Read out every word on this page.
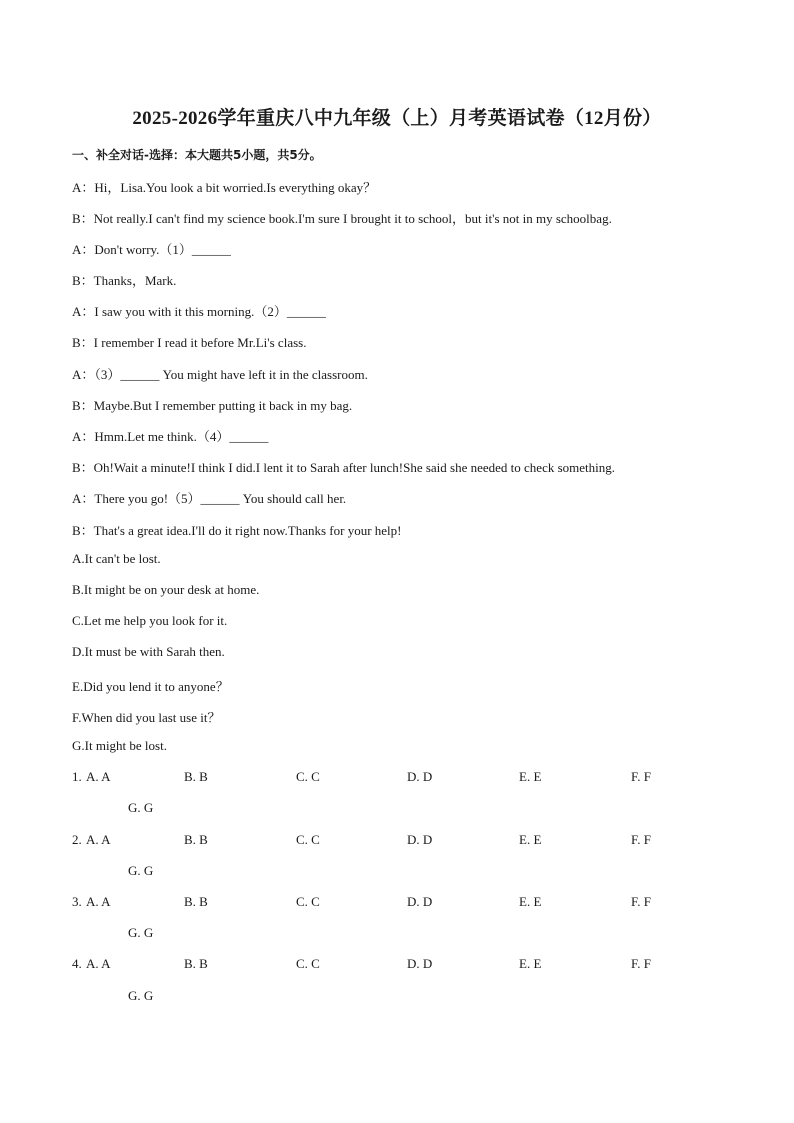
2025-2026学年重庆八中九年级（上）月考英语试卷（12月份）
一、补全对话-选择：本大题共5小题，共5分。
A：Hi，Lisa.You look a bit worried.Is everything okay？
B：Not really.I can't find my science book.I'm sure I brought it to school，but it's not in my schoolbag.
A：Don't worry.（1）______
B：Thanks，Mark.
A：I saw you with it this morning.（2）______
B：I remember I read it before Mr.Li's class.
A：（3）______ You might have left it in the classroom.
B：Maybe.But I remember putting it back in my bag.
A：Hmm.Let me think.（4）______
B：Oh!Wait a minute!I think I did.I lent it to Sarah after lunch!She said she needed to check something.
A：There you go!（5）______ You should call her.
B：That's a great idea.I'll do it right now.Thanks for your help!
A.It can't be lost.
B.It might be on your desk at home.
C.Let me help you look for it.
D.It must be with Sarah then.
E.Did you lend it to anyone？
F.When did you last use it？
G.It might be lost.
1. A. A	B. B	C. C	D. D	E. E	F. F
G. G
2. A. A	B. B	C. C	D. D	E. E	F. F
G. G
3. A. A	B. B	C. C	D. D	E. E	F. F
G. G
4. A. A	B. B	C. C	D. D	E. E	F. F
G. G
